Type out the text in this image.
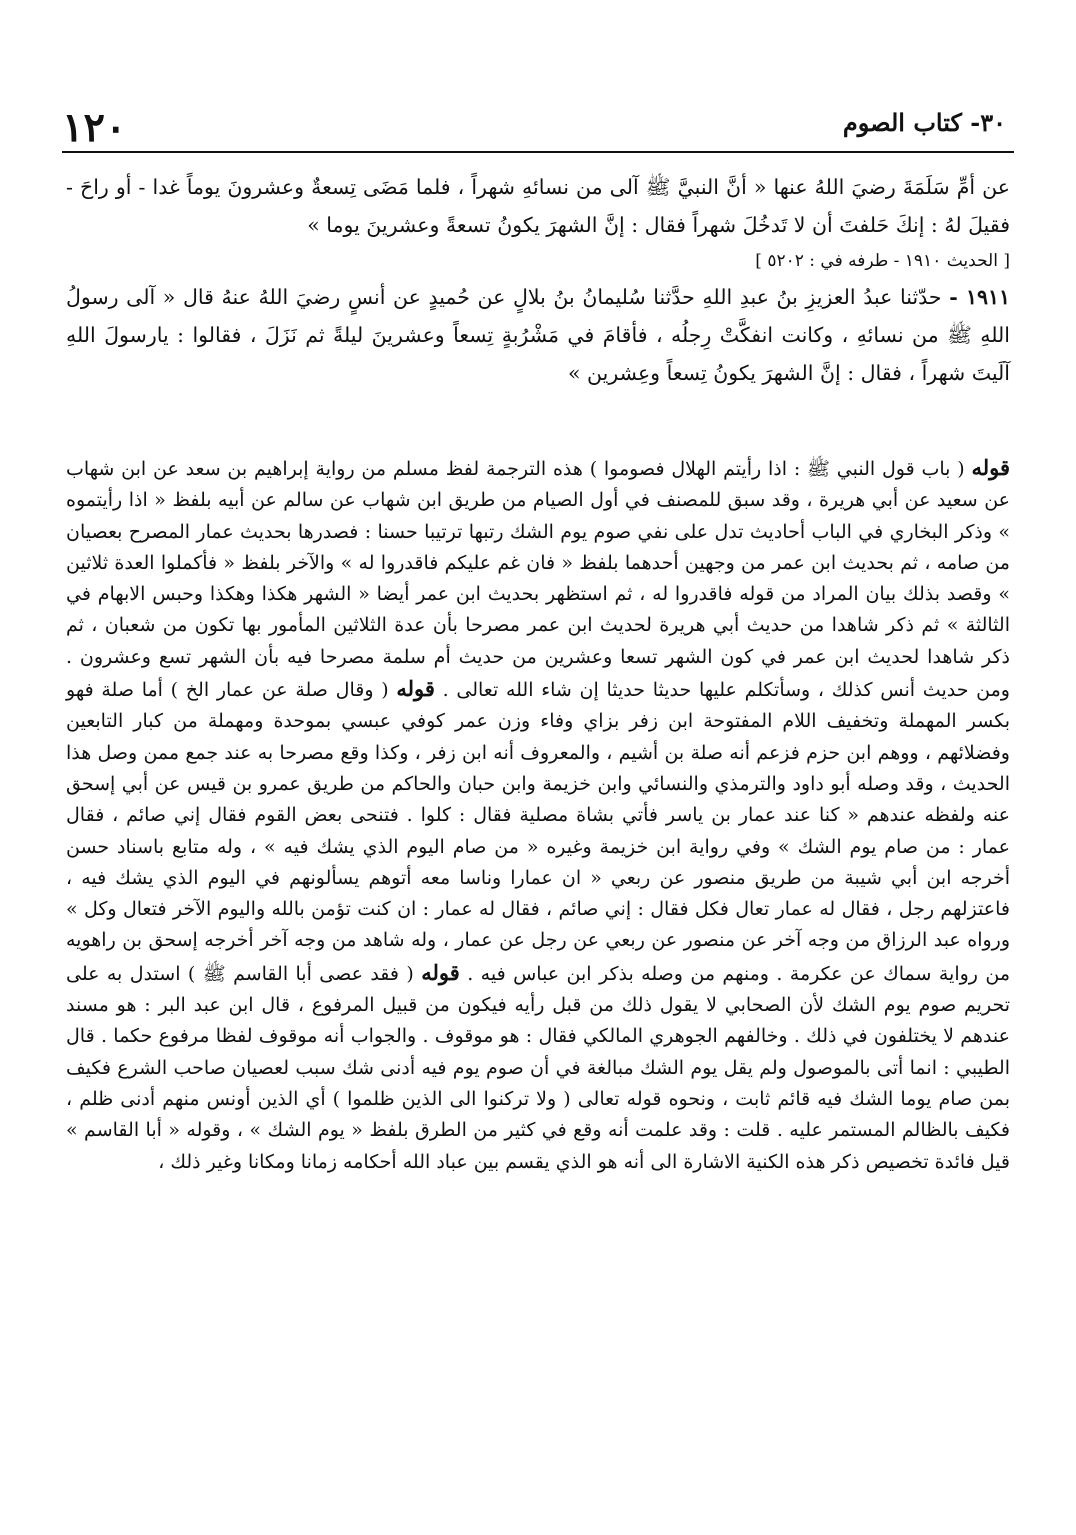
١٢٠	٣٠- كتاب الصوم

عن أمِّ سَلَمَةَ رضيَ اللهُ عنها « أنَّ النبيَّ ﷺ آلى من نسائهِ شهراً ، فلما مَضَى تِسعةٌ وعشرونَ يوماً غدا - أو راحَ - فقيلَ لهُ : إنكَ حَلفتَ أن لا تَدخُلَ شهراً فقال : إنَّ الشهرَ يكونُ تسعةً وعشرينَ يوما »

[ الحديث ١٩١٠ - طرفه في : ٥٢٠٢ ]

١٩١١ - حدّثنا عبدُ العزيزِ بنُ عبدِ اللهِ حدَّثنا سُليمانُ بنُ بلالٍ عن حُميدٍ عن أنسٍ رضيَ اللهُ عنهُ قال « آلى رسولُ اللهِ ﷺ من نسائهِ ، وكانت انفكَّتْ رِجلُه ، فأقامَ في مَشْرُبةٍ تِسعاً وعشرينَ ليلةً ثم نَزَلَ ، فقالوا : يارسولَ اللهِ آلَيتَ شهراً ، فقال : إنَّ الشهرَ يكونُ تِسعاً وعِشرين »

قوله ( باب قول النبي ﷺ : اذا رأيتم الهلال فصوموا ) هذه الترجمة لفظ مسلم من رواية إبراهيم بن سعد عن ابن شهاب عن سعيد عن أبي هريرة ، وقد سبق للمصنف في أول الصيام من طريق ابن شهاب عن سالم عن أبيه بلفظ « اذا رأيتموه » وذكر البخاري في الباب أحاديث تدل على نفي صوم يوم الشك رتبها ترتيبا حسنا : فصدرها بحديث عمار المصرح بعصيان من صامه ، ثم بحديث ابن عمر من وجهين أحدهما بلفظ « فان غم عليكم فاقدروا له » والآخر بلفظ « فأكملوا العدة ثلاثين » وقصد بذلك بيان المراد من قوله فاقدروا له ، ثم استظهر بحديث ابن عمر أيضا « الشهر هكذا وهكذا وحبس الابهام في الثالثة » ثم ذكر شاهدا من حديث أبي هريرة لحديث ابن عمر مصرحا بأن عدة الثلاثين المأمور بها تكون من شعبان ، ثم ذكر شاهدا لحديث ابن عمر في كون الشهر تسعا وعشرين من حديث أم سلمة مصرحا فيه بأن الشهر تسع وعشرون . ومن حديث أنس كذلك ، وسأتكلم عليها حديثا حديثا إن شاء الله تعالى . قوله ( وقال صلة عن عمار الخ ) أما صلة فهو بكسر المهملة وتخفيف اللام المفتوحة ابن زفر بزاي وفاء وزن عمر كوفي عبسي بموحدة ومهملة من كبار التابعين وفضلائهم ، ووهم ابن حزم فزعم أنه صلة بن أشيم ، والمعروف أنه ابن زفر ، وكذا وقع مصرحا به عند جمع ممن وصل هذا الحديث ، وقد وصله أبو داود والترمذي والنسائي وابن خزيمة وابن حبان والحاكم من طريق عمرو بن قيس عن أبي إسحق عنه ولفظه عندهم « كنا عند عمار بن ياسر فأتي بشاة مصلية فقال : كلوا . فتنحى بعض القوم فقال إني صائم ، فقال عمار : من صام يوم الشك » وفي رواية ابن خزيمة وغيره « من صام اليوم الذي يشك فيه » ، وله متابع باسناد حسن أخرجه ابن أبي شيبة من طريق منصور عن ربعي « ان عمارا وناسا معه أتوهم يسألونهم في اليوم الذي يشك فيه ، فاعتزلهم رجل ، فقال له عمار تعال فكل فقال : إني صائم ، فقال له عمار : ان كنت تؤمن بالله واليوم الآخر فتعال وكل » ورواه عبد الرزاق من وجه آخر عن منصور عن ربعي عن رجل عن عمار ، وله شاهد من وجه آخر أخرجه إسحق بن راهويه من رواية سماك عن عكرمة . ومنهم من وصله بذكر ابن عباس فيه . قوله ( فقد عصى أبا القاسم ﷺ ) استدل به على تحريم صوم يوم الشك لأن الصحابي لا يقول ذلك من قبل رأيه فيكون من قبيل المرفوع ، قال ابن عبد البر : هو مسند عندهم لا يختلفون في ذلك . وخالفهم الجوهري المالكي فقال : هو موقوف . والجواب أنه موقوف لفظا مرفوع حكما . قال الطيبي : انما أتى بالموصول ولم يقل يوم الشك مبالغة في أن صوم يوم فيه أدنى شك سبب لعصيان صاحب الشرع فكيف بمن صام يوما الشك فيه قائم ثابت ، ونحوه قوله تعالى ( ولا تركنوا الى الذين ظلموا ) أي الذين أونس منهم أدنى ظلم ، فكيف بالظالم المستمر عليه . قلت : وقد علمت أنه وقع في كثير من الطرق بلفظ « يوم الشك » ، وقوله « أبا القاسم » قيل فائدة تخصيص ذكر هذه الكنية الاشارة الى أنه هو الذي يقسم بين عباد الله أحكامه زمانا ومكانا وغير ذلك ،
